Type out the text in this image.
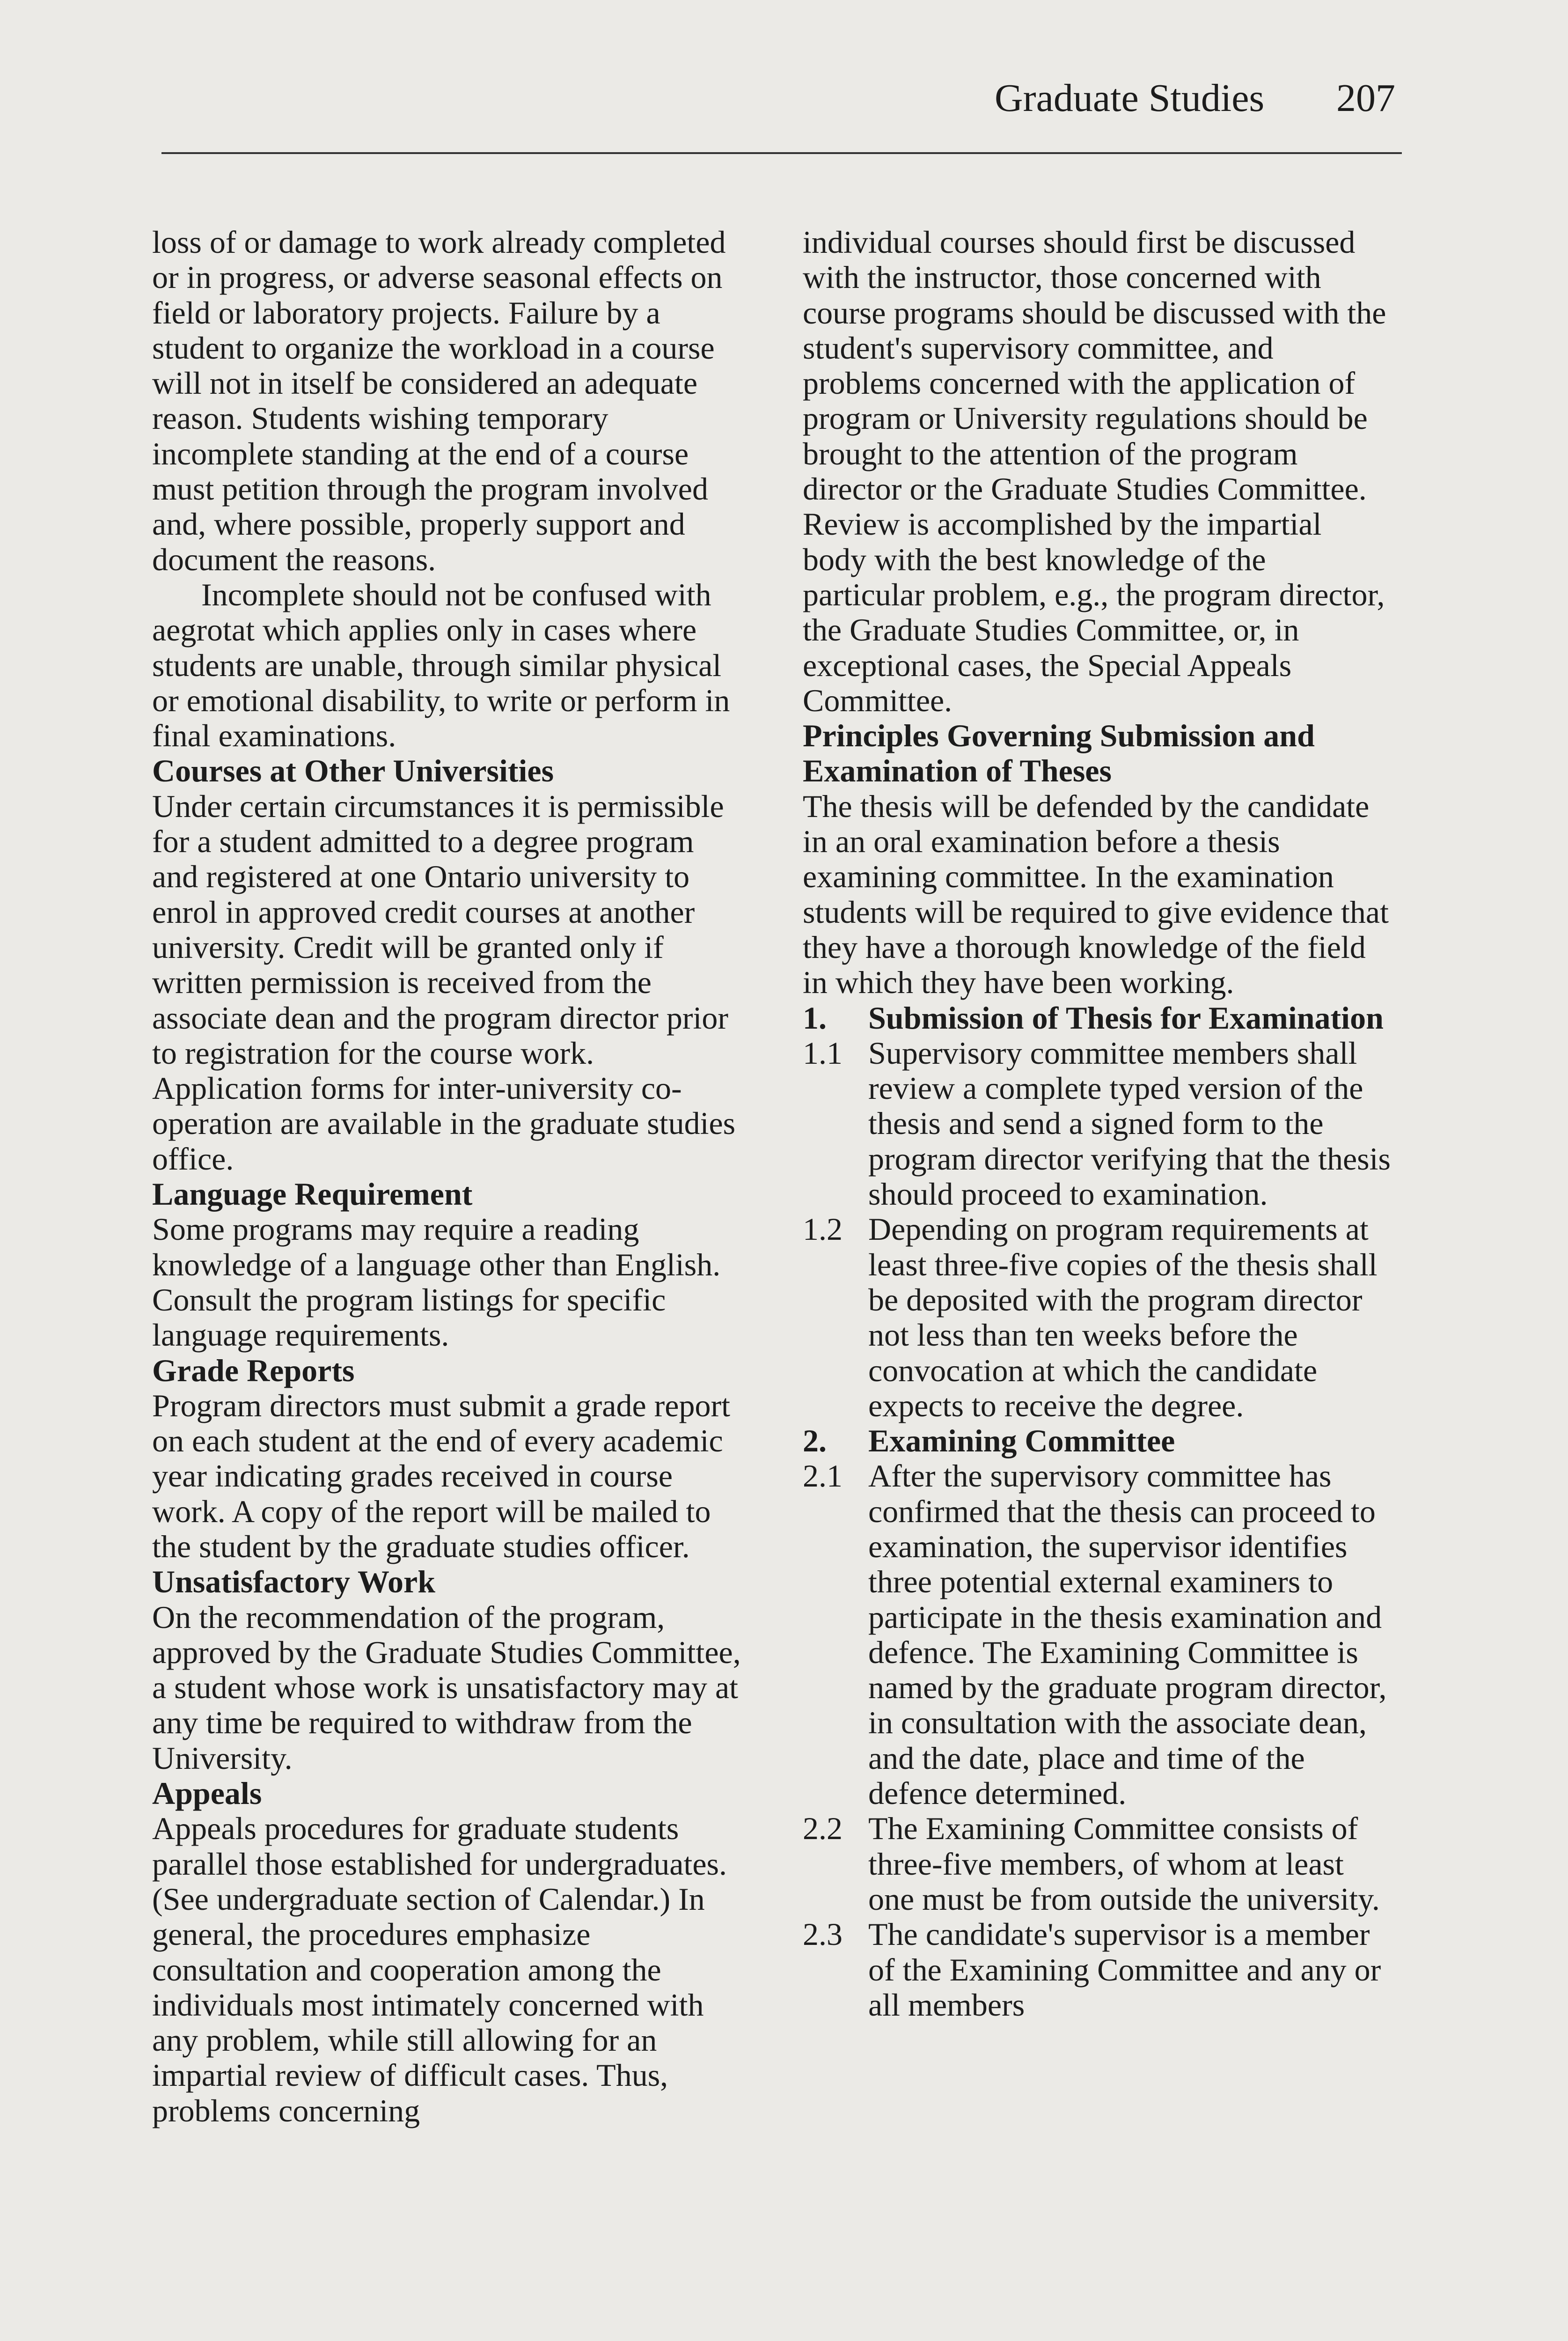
Graduate Studies 207

loss of or damage to work already completed or in progress, or adverse seasonal effects on field or laboratory projects. Failure by a student to organize the workload in a course will not in itself be considered an adequate reason. Students wishing temporary incomplete standing at the end of a course must petition through the program involved and, where possible, properly support and document the reasons.

Incomplete should not be confused with aegrotat which applies only in cases where students are unable, through similar physical or emotional disability, to write or perform in final examinations.

Courses at Other Universities

Under certain circumstances it is permissible for a student admitted to a degree program and registered at one Ontario university to enrol in approved credit courses at another university. Credit will be granted only if written permission is received from the associate dean and the program director prior to registration for the course work. Application forms for inter-university co-operation are available in the graduate studies office.

Language Requirement

Some programs may require a reading knowledge of a language other than English. Consult the program listings for specific language requirements.

Grade Reports

Program directors must submit a grade report on each student at the end of every academic year indicating grades received in course work. A copy of the report will be mailed to the student by the graduate studies officer.

Unsatisfactory Work

On the recommendation of the program, approved by the Graduate Studies Committee, a student whose work is unsatisfactory may at any time be required to withdraw from the University.

Appeals

Appeals procedures for graduate students parallel those established for undergraduates. (See undergraduate section of Calendar.) In general, the procedures emphasize consultation and cooperation among the individuals most intimately concerned with any problem, while still allowing for an impartial review of difficult cases. Thus, problems concerning

individual courses should first be discussed with the instructor, those concerned with course programs should be discussed with the student's supervisory committee, and problems concerned with the application of program or University regulations should be brought to the attention of the program director or the Graduate Studies Committee. Review is accomplished by the impartial body with the best knowledge of the particular problem, e.g., the program director, the Graduate Studies Committee, or, in exceptional cases, the Special Appeals Committee.

Principles Governing Submission and Examination of Theses

The thesis will be defended by the candidate in an oral examination before a thesis examining committee. In the examination students will be required to give evidence that they have a thorough knowledge of the field in which they have been working.

1. Submission of Thesis for Examination
1.1 Supervisory committee members shall review a complete typed version of the thesis and send a signed form to the program director verifying that the thesis should proceed to examination.
1.2 Depending on program requirements at least three-five copies of the thesis shall be deposited with the program director not less than ten weeks before the convocation at which the candidate expects to receive the degree.
2. Examining Committee
2.1 After the supervisory committee has confirmed that the thesis can proceed to examination, the supervisor identifies three potential external examiners to participate in the thesis examination and defence. The Examining Committee is named by the graduate program director, in consultation with the associate dean, and the date, place and time of the defence determined.
2.2 The Examining Committee consists of three-five members, of whom at least one must be from outside the university.
2.3 The candidate's supervisor is a member of the Examining Committee and any or all members
